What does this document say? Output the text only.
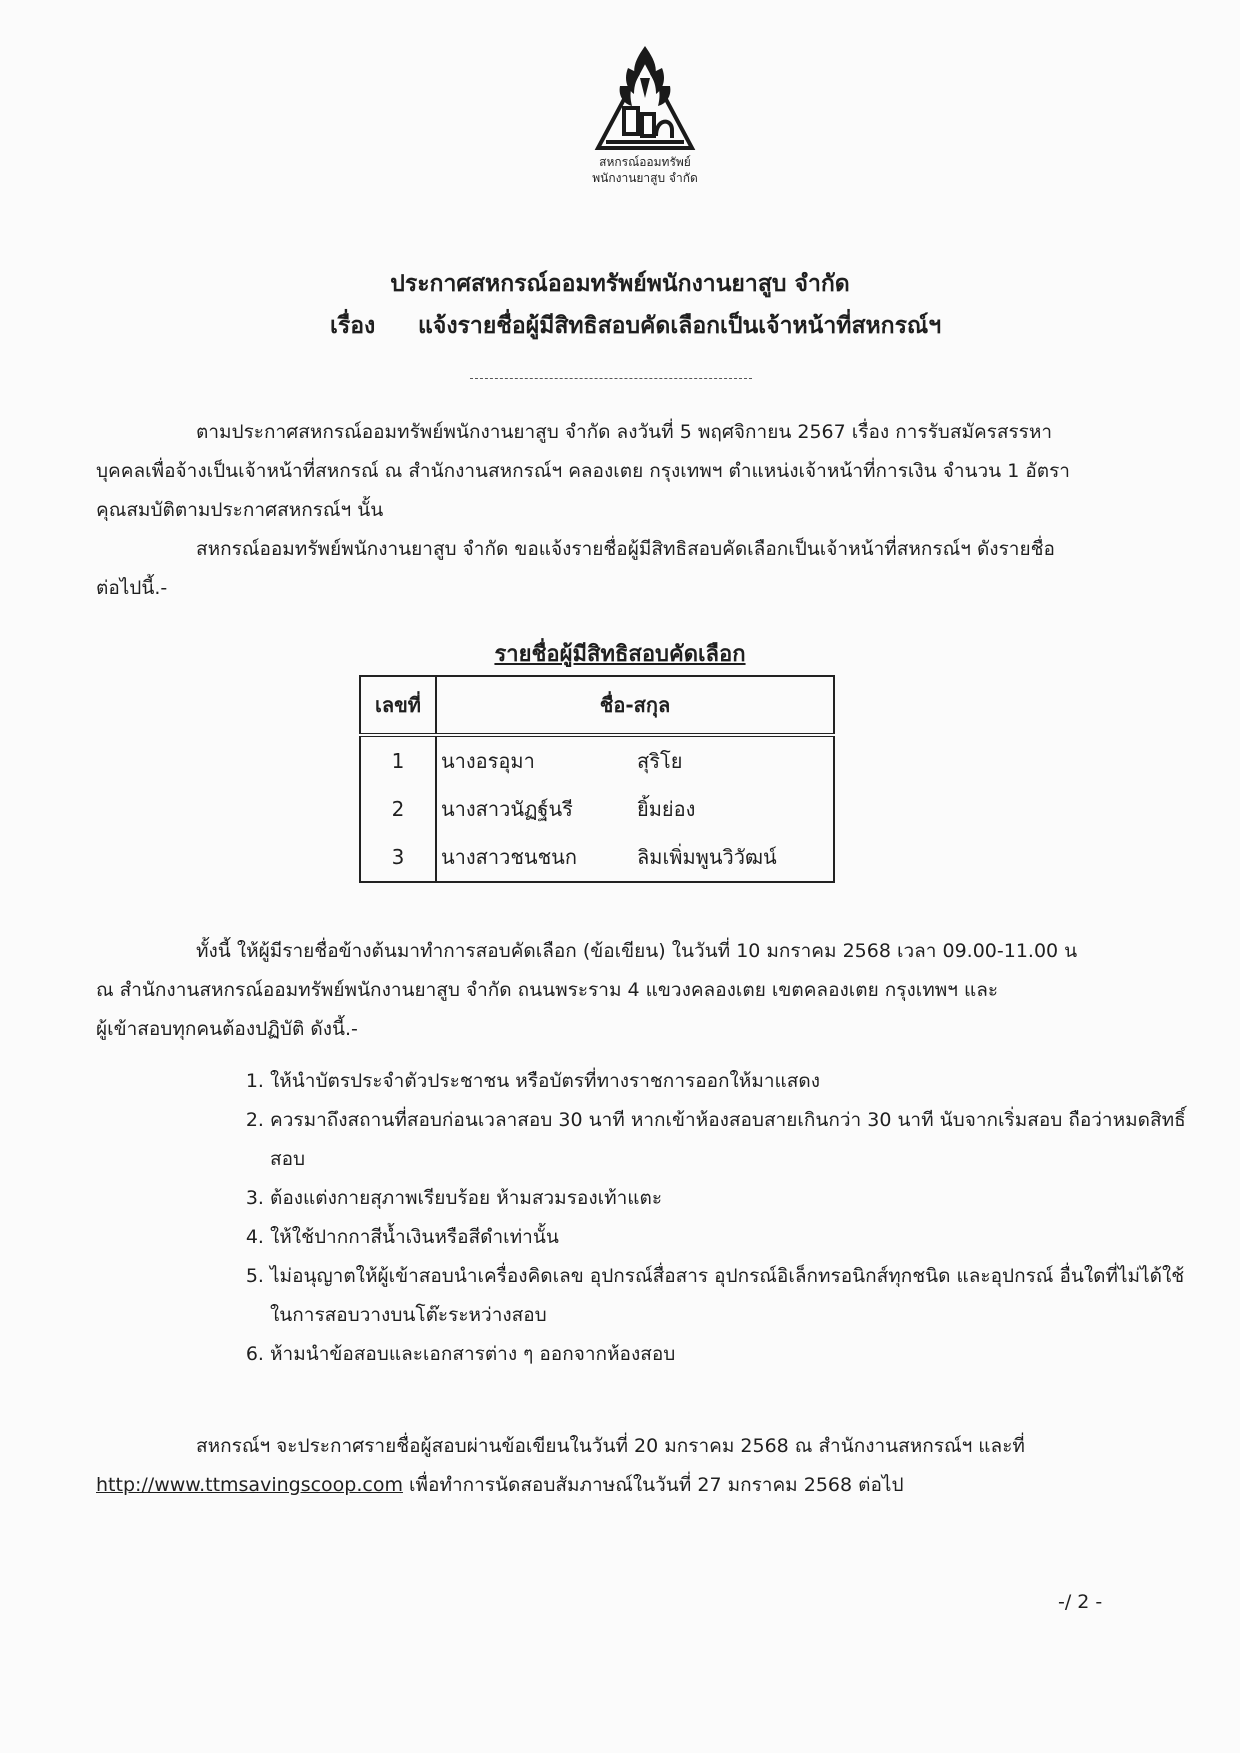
สหกรณ์ออมทรัพย์
พนักงานยาสูบ จำกัด
ประกาศสหกรณ์ออมทรัพย์พนักงานยาสูบ จำกัด
เรื่อง แจ้งรายชื่อผู้มีสิทธิสอบคัดเลือกเป็นเจ้าหน้าที่สหกรณ์ฯ
ตามประกาศสหกรณ์ออมทรัพย์พนักงานยาสูบ จำกัด ลงวันที่ 5 พฤศจิกายน 2567 เรื่อง การรับสมัครสรรหา
บุคคลเพื่อจ้างเป็นเจ้าหน้าที่สหกรณ์ ณ สำนักงานสหกรณ์ฯ คลองเตย กรุงเทพฯ ตำแหน่งเจ้าหน้าที่การเงิน จำนวน 1 อัตรา
คุณสมบัติตามประกาศสหกรณ์ฯ นั้น
สหกรณ์ออมทรัพย์พนักงานยาสูบ จำกัด ขอแจ้งรายชื่อผู้มีสิทธิสอบคัดเลือกเป็นเจ้าหน้าที่สหกรณ์ฯ ดังรายชื่อ
ต่อไปนี้.-
รายชื่อผู้มีสิทธิสอบคัดเลือก
เลขที่	ชื่อ-สกุล
1	นางอรอุมา สุริโย
2	นางสาวนัฏฐ์นรี ยิ้มย่อง
3	นางสาวชนชนก ลิมเพิ่มพูนวิวัฒน์
ทั้งนี้ ให้ผู้มีรายชื่อข้างต้นมาทำการสอบคัดเลือก (ข้อเขียน) ในวันที่ 10 มกราคม 2568 เวลา 09.00-11.00 น
ณ สำนักงานสหกรณ์ออมทรัพย์พนักงานยาสูบ จำกัด ถนนพระราม 4 แขวงคลองเตย เขตคลองเตย กรุงเทพฯ และ
ผู้เข้าสอบทุกคนต้องปฏิบัติ ดังนี้.-
1. ให้นำบัตรประจำตัวประชาชน หรือบัตรที่ทางราชการออกให้มาแสดง
2. ควรมาถึงสถานที่สอบก่อนเวลาสอบ 30 นาที หากเข้าห้องสอบสายเกินกว่า 30 นาที นับจากเริ่มสอบ ถือว่าหมดสิทธิ์สอบ
3. ต้องแต่งกายสุภาพเรียบร้อย ห้ามสวมรองเท้าแตะ
4. ให้ใช้ปากกาสีน้ำเงินหรือสีดำเท่านั้น
5. ไม่อนุญาตให้ผู้เข้าสอบนำเครื่องคิดเลข อุปกรณ์สื่อสาร อุปกรณ์อิเล็กทรอนิกส์ทุกชนิด และอุปกรณ์ อื่นใดที่ไม่ได้ใช้ในการสอบวางบนโต๊ะระหว่างสอบ
6. ห้ามนำข้อสอบและเอกสารต่าง ๆ ออกจากห้องสอบ
สหกรณ์ฯ จะประกาศรายชื่อผู้สอบผ่านข้อเขียนในวันที่ 20 มกราคม 2568 ณ สำนักงานสหกรณ์ฯ และที่
http://www.ttmsavingscoop.com เพื่อทำการนัดสอบสัมภาษณ์ในวันที่ 27 มกราคม 2568 ต่อไป
-/ 2 -
